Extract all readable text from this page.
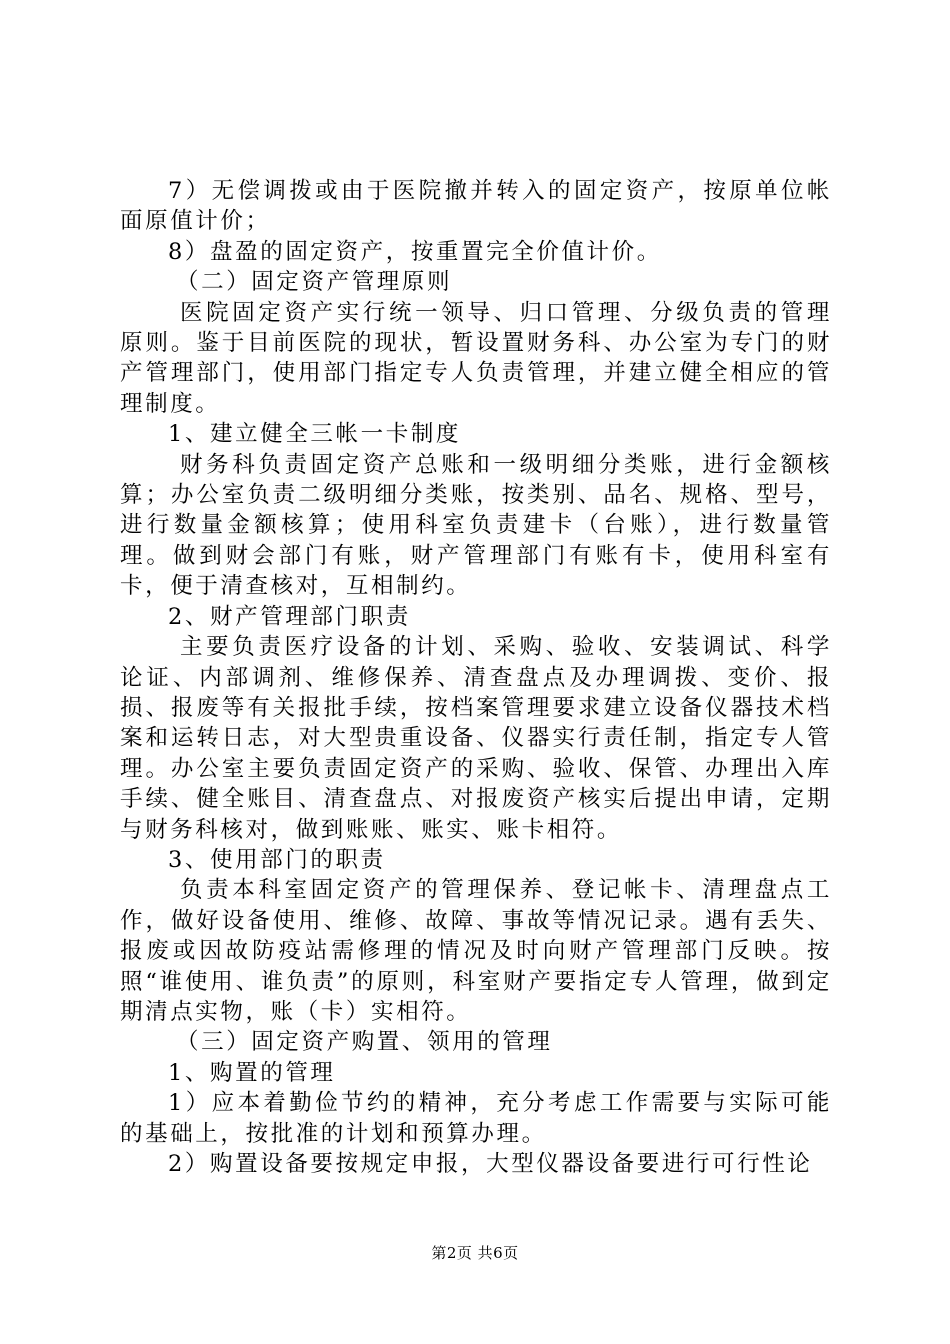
7）无偿调拨或由于医院撤并转入的固定资产，按原单位帐面原值计价；

8）盘盈的固定资产，按重置完全价值计价。

（二）固定资产管理原则

医院固定资产实行统一领导、归口管理、分级负责的管理原则。鉴于目前医院的现状，暂设置财务科、办公室为专门的财产管理部门，使用部门指定专人负责管理，并建立健全相应的管理制度。

1、建立健全三帐一卡制度

财务科负责固定资产总账和一级明细分类账，进行金额核算；办公室负责二级明细分类账，按类别、品名、规格、型号，进行数量金额核算；使用科室负责建卡（台账），进行数量管理。做到财会部门有账，财产管理部门有账有卡，使用科室有卡，便于清查核对，互相制约。

2、财产管理部门职责

主要负责医疗设备的计划、采购、验收、安装调试、科学论证、内部调剂、维修保养、清查盘点及办理调拨、变价、报损、报废等有关报批手续，按档案管理要求建立设备仪器技术档案和运转日志，对大型贵重设备、仪器实行责任制，指定专人管理。办公室主要负责固定资产的采购、验收、保管、办理出入库手续、健全账目、清查盘点、对报废资产核实后提出申请，定期与财务科核对，做到账账、账实、账卡相符。

3、使用部门的职责

负责本科室固定资产的管理保养、登记帐卡、清理盘点工作，做好设备使用、维修、故障、事故等情况记录。遇有丢失、报废或因故防疫站需修理的情况及时向财产管理部门反映。按照“谁使用、谁负责”的原则，科室财产要指定专人管理，做到定期清点实物，账（卡）实相符。

（三）固定资产购置、领用的管理

1、购置的管理

1）应本着勤俭节约的精神，充分考虑工作需要与实际可能的基础上，按批准的计划和预算办理。

2）购置设备要按规定申报，大型仪器设备要进行可行性论

第2页 共6页
